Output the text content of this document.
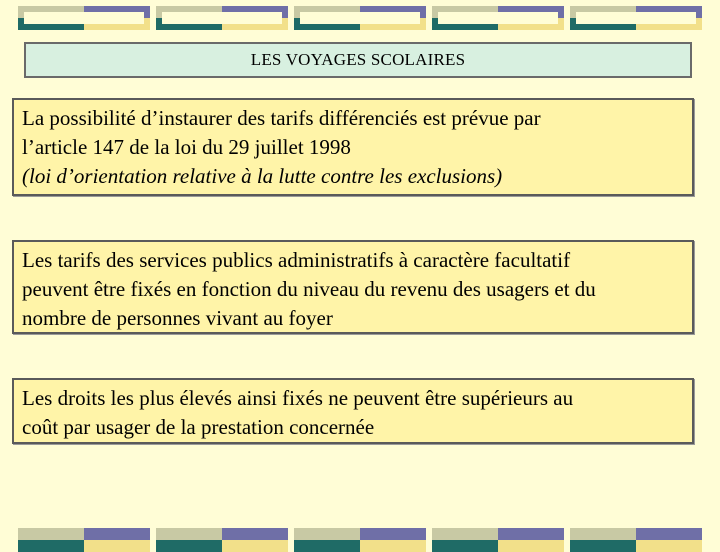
LES VOYAGES SCOLAIRES
La possibilité d’instaurer des tarifs différenciés est prévue par
l’article 147 de la loi du 29 juillet 1998
(loi d’orientation relative à la lutte contre les exclusions)
Les tarifs des services publics administratifs à caractère facultatif
peuvent être fixés en fonction du niveau du revenu des usagers et du
nombre de personnes vivant au foyer
Les droits les plus élevés ainsi fixés ne peuvent être supérieurs au
coût par usager de la prestation concernée
